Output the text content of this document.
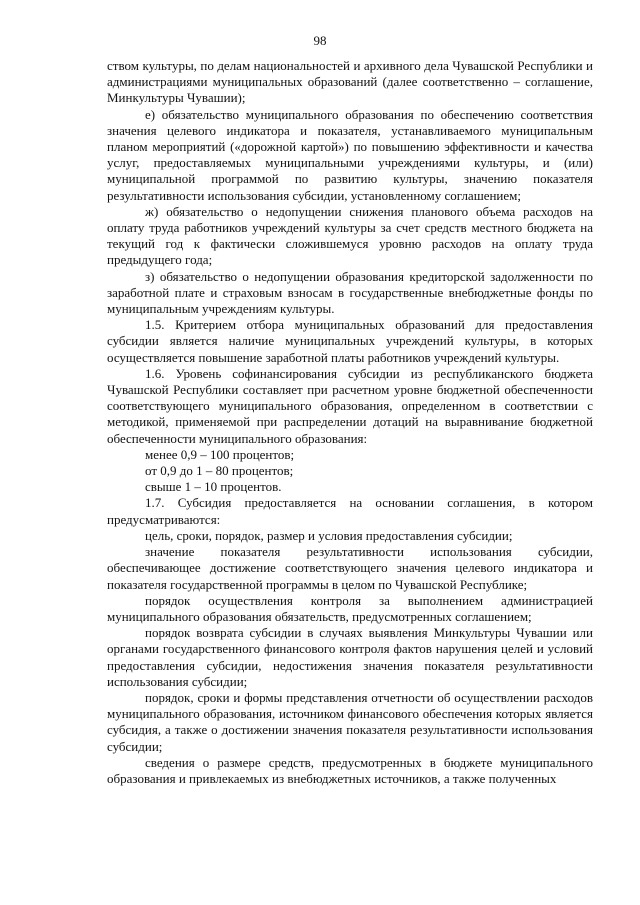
98

ством культуры, по делам национальностей и архивного дела Чувашской Республики и администрациями муниципальных образований (далее соответственно – соглашение, Минкультуры Чувашии);

е) обязательство муниципального образования по обеспечению соответствия значения целевого индикатора и показателя, устанавливаемого муниципальным планом мероприятий («дорожной картой») по повышению эффективности и качества услуг, предоставляемых муниципальными учреждениями культуры, и (или) муниципальной программой по развитию культуры, значению показателя результативности использования субсидии, установленному соглашением;

ж) обязательство о недопущении снижения планового объема расходов на оплату труда работников учреждений культуры за счет средств местного бюджета на текущий год к фактически сложившемуся уровню расходов на оплату труда предыдущего года;

з) обязательство о недопущении образования кредиторской задолженности по заработной плате и страховым взносам в государственные внебюджетные фонды по муниципальным учреждениям культуры.

1.5. Критерием отбора муниципальных образований для предоставления субсидии является наличие муниципальных учреждений культуры, в которых осуществляется повышение заработной платы работников учреждений культуры.

1.6. Уровень софинансирования субсидии из республиканского бюджета Чувашской Республики составляет при расчетном уровне бюджетной обеспеченности соответствующего муниципального образования, определенном в соответствии с методикой, применяемой при распределении дотаций на выравнивание бюджетной обеспеченности муниципального образования:

менее 0,9 – 100 процентов;

от 0,9 до 1 – 80 процентов;

свыше 1 – 10 процентов.

1.7. Субсидия предоставляется на основании соглашения, в котором предусматриваются:

цель, сроки, порядок, размер и условия предоставления субсидии;

значение показателя результативности использования субсидии, обеспечивающее достижение соответствующего значения целевого индикатора и показателя государственной программы в целом по Чувашской Республике;

порядок осуществления контроля за выполнением администрацией муниципального образования обязательств, предусмотренных соглашением;

порядок возврата субсидии в случаях выявления Минкультуры Чувашии или органами государственного финансового контроля фактов нарушения целей и условий предоставления субсидии, недостижения значения показателя результативности использования субсидии;

порядок, сроки и формы представления отчетности об осуществлении расходов муниципального образования, источником финансового обеспечения которых является субсидия, а также о достижении значения показателя результативности использования субсидии;

сведения о размере средств, предусмотренных в бюджете муниципального образования и привлекаемых из внебюджетных источников, а также полученных
